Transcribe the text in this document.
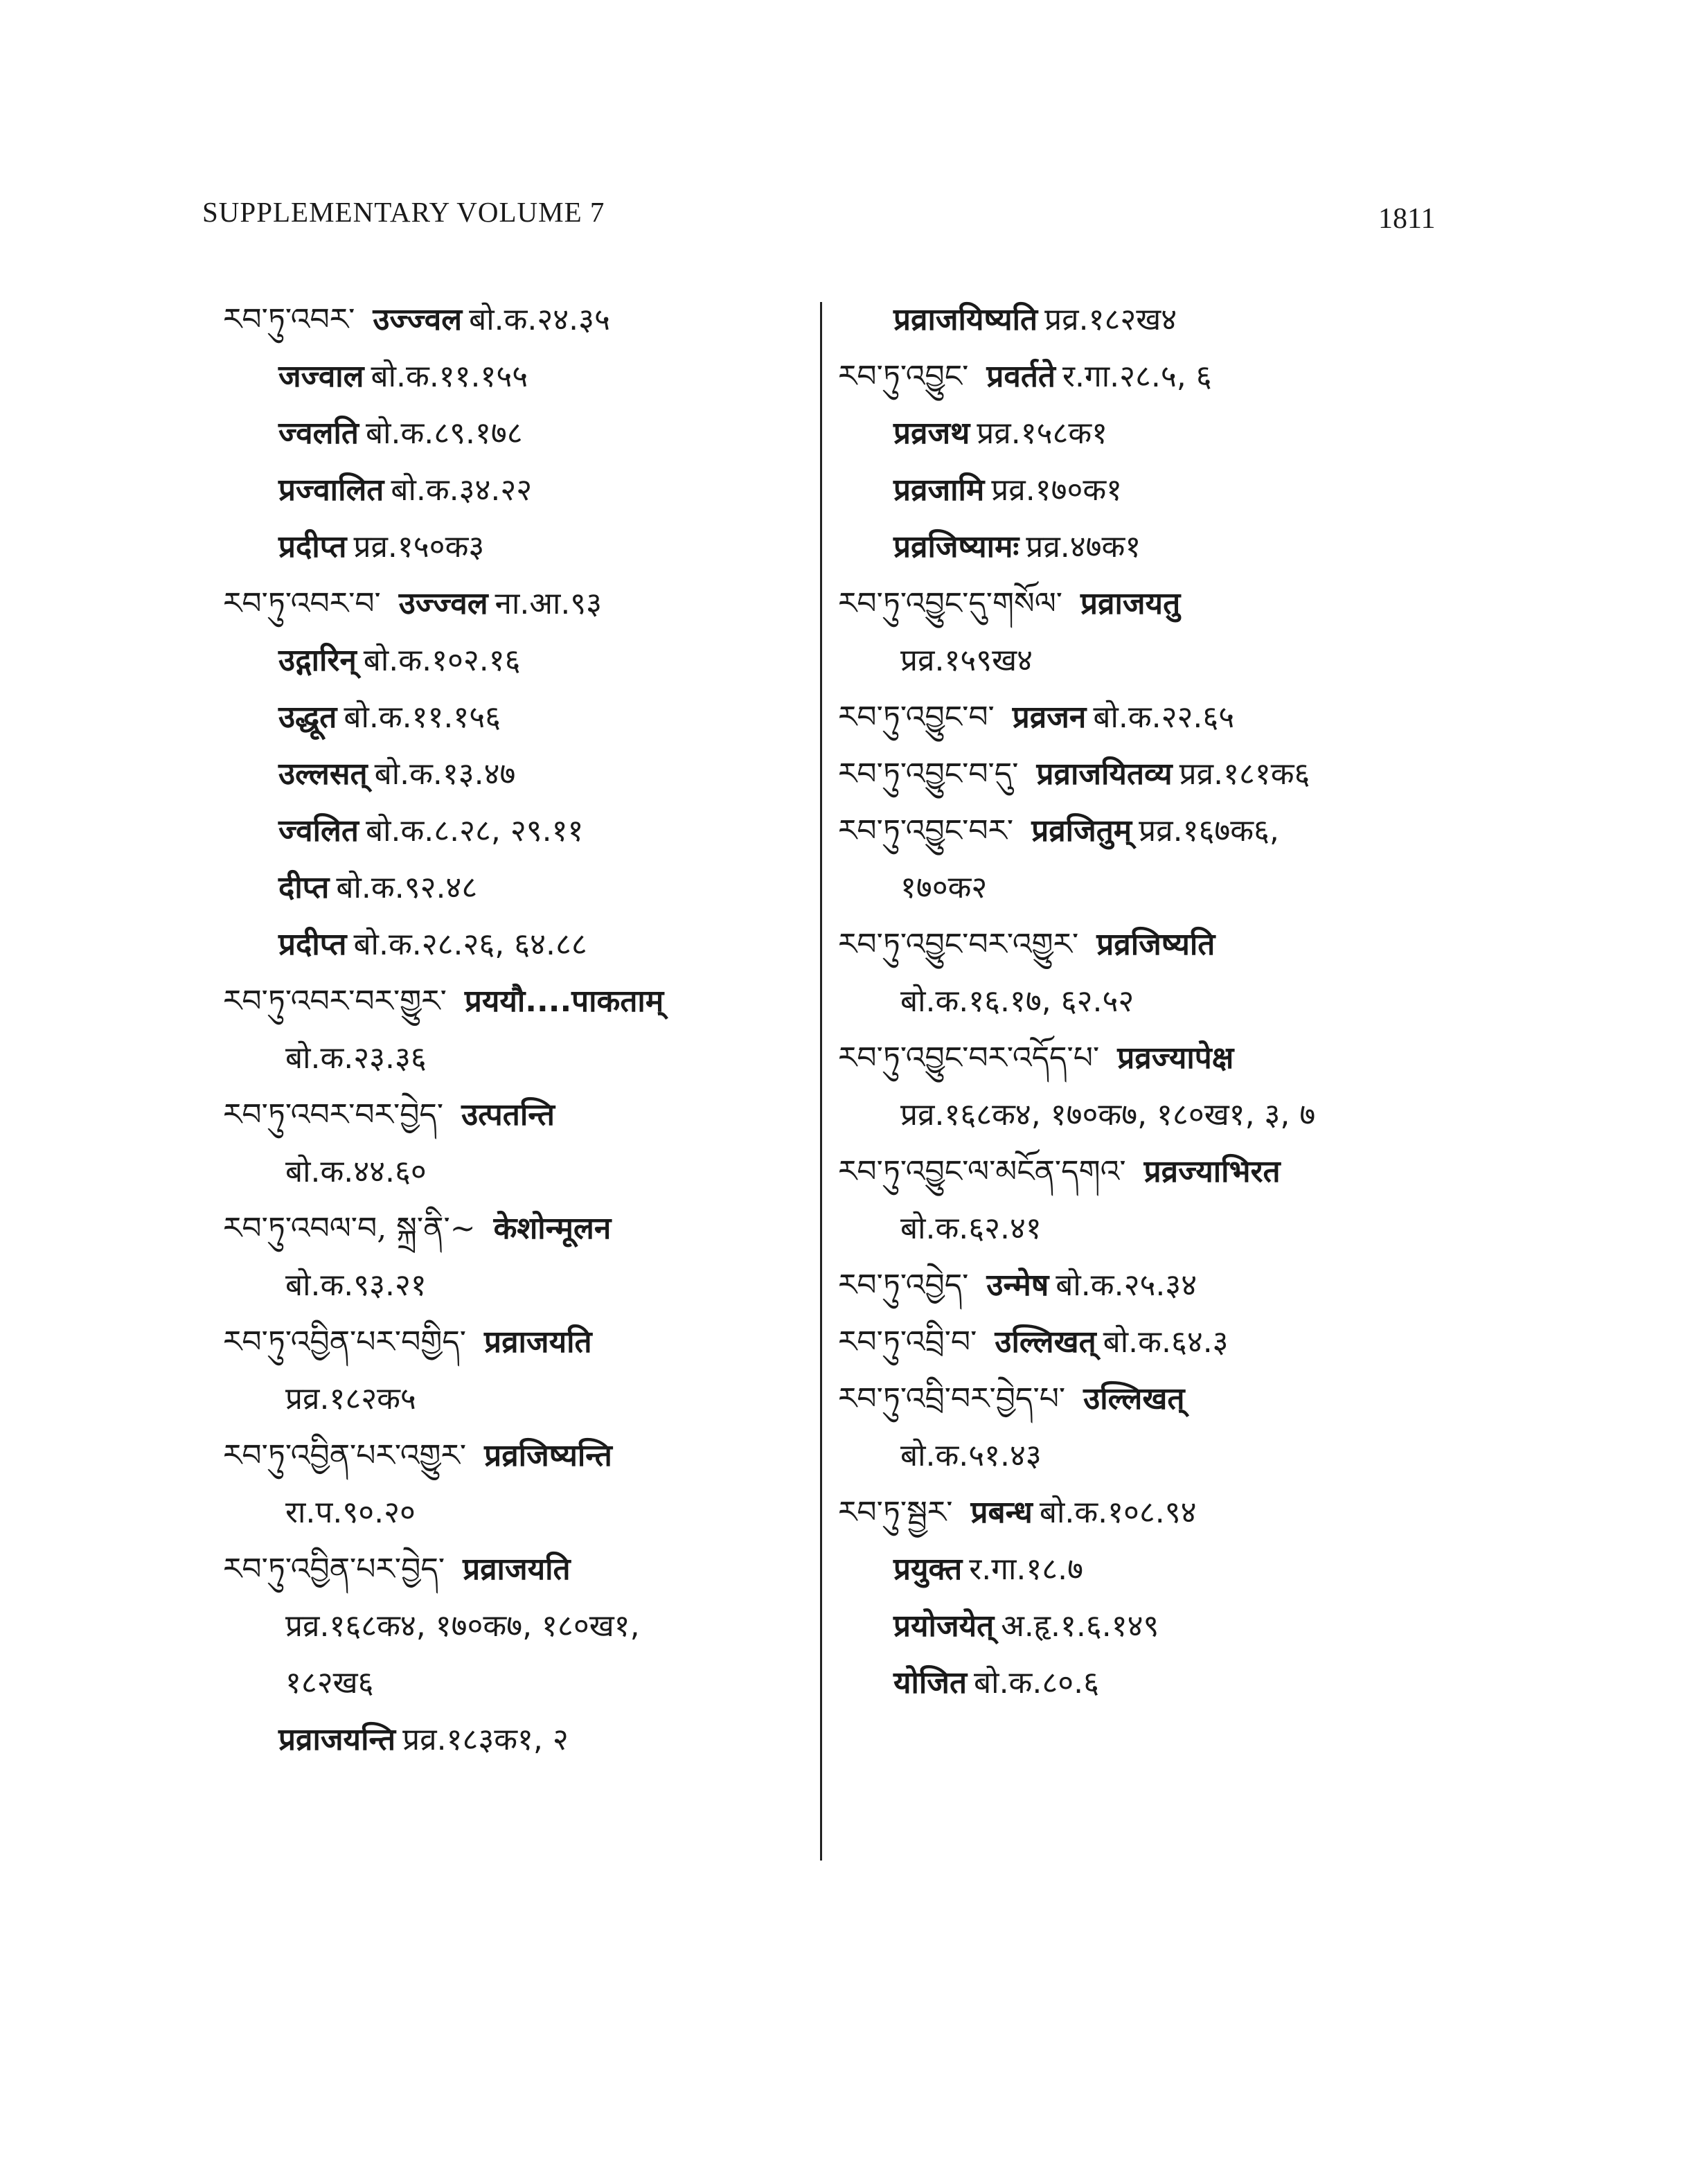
SUPPLEMENTARY VOLUME 7	1811
རབ་ཏུ་འབར་ उज्ज्वल बो.क.२४.३५
जज्वाल बो.क.११.१५५
ज्वलति बो.क.८९.१७८
प्रज्वालित बो.क.३४.२२
प्रदीप्त प्रव्र.१५०क३
རབ་ཏུ་འབར་བ་ उज्ज्वल ना.आ.९३
उद्गारिन् बो.क.१०२.१६
उद्धूत बो.क.११.१५६
उल्लसत् बो.क.१३.४७
ज्वलित बो.क.८.२८, २९.११
दीप्त बो.क.९२.४८
प्रदीप्त बो.क.२८.२६, ६४.८८
རབ་ཏུ་འབར་བར་གྱུར་ प्रययौ....पाकताम्
बो.क.२३.३६
རབ་ཏུ་འབར་བར་བྱེད་ उत्पतन्ति
बो.क.४४.६०
རབ་ཏུ་འབལ་བ, སྐྲ་ནི་~ केशोन्मूलन
बो.क.९३.२१
རབ་ཏུ་འབྱིན་པར་བགྱིད་ प्रव्राजयति
प्रव्र.१८२क५
རབ་ཏུ་འབྱིན་པར་འགྱུར་ प्रव्रजिष्यन्ति
रा.प.९०.२०
རབ་ཏུ་འབྱིན་པར་བྱེད་ प्रव्राजयति
प्रव्र.१६८क४, १७०क७, १८०ख१,
१८२ख६
प्रव्राजयन्ति प्रव्र.१८३क१, २
प्रव्राजयिष्यति प्रव्र.१८२ख४
རབ་ཏུ་འབྱུང་ प्रवर्तते र.गा.२८.५, ६
प्रव्रजथ प्रव्र.१५८क१
प्रव्रजामि प्रव्र.१७०क१
प्रव्रजिष्यामः प्रव्र.४७क१
རབ་ཏུ་འབྱུང་དུ་གསོལ་ प्रव्राजयतु
प्रव्र.१५९ख४
རབ་ཏུ་འབྱུང་བ་ प्रव्रजन बो.क.२२.६५
རབ་ཏུ་འབྱུང་བ་དུ་ प्रव्राजयितव्य प्रव्र.१८१क६
རབ་ཏུ་འབྱུང་བར་ प्रव्रजितुम् प्रव्र.१६७क६,
१७०क२
རབ་ཏུ་འབྱུང་བར་འགྱུར་ प्रव्रजिष्यति
बो.क.१६.१७, ६२.५२
རབ་ཏུ་འབྱུང་བར་འདོད་པ་ प्रव्रज्यापेक्ष
प्रव्र.१६८क४, १७०क७, १८०ख१, ३, ७
རབ་ཏུ་འབྱུང་ལ་མངོན་དགའ་ प्रव्रज्याभिरत
बो.क.६२.४१
རབ་ཏུ་འབྱེད་ उन्मेष बो.क.२५.३४
རབ་ཏུ་འབྲི་བ་ उल्लिखत् बो.क.६४.३
རབ་ཏུ་འབྲི་བར་བྱེད་པ་ उल्लिखत्
बो.क.५१.४३
རབ་ཏུ་སྦྱར་ प्रबन्ध बो.क.१०८.९४
प्रयुक्त र.गा.१८.७
प्रयोजयेत् अ.हृ.१.६.१४९
योजित बो.क.८०.६
